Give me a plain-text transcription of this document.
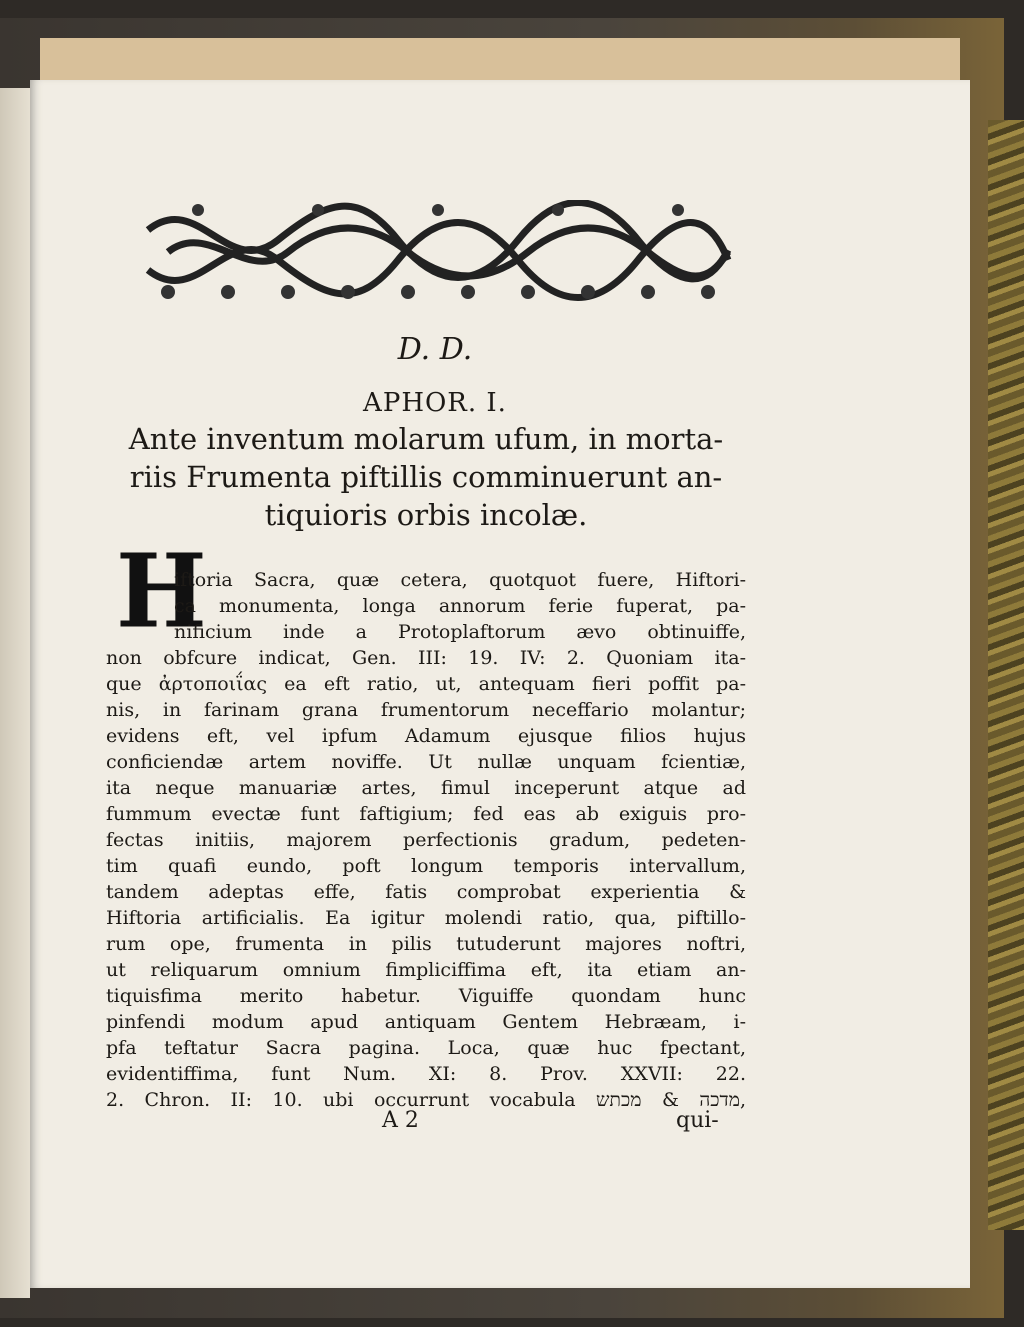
D. D.
APHOR. I.

Ante inventum molarum ufum, in morta-
riis Frumenta piftillis comminuerunt an-
tiquioris orbis incolæ.

H
iftoria Sacra, quæ cetera, quotquot fuere, Hiftori-
ca monumenta, longa annorum ferie fuperat, pa-
nificium inde a Protoplaftorum ævo obtinuiffe,
non obfcure indicat, Gen. III: 19. IV: 2. Quoniam ita-
que ἀρτοποιΐας ea eft ratio, ut, antequam fieri poffit pa-
nis, in farinam grana frumentorum neceffario molantur;
evidens eft, vel ipfum Adamum ejusque filios hujus
conficiendæ artem noviffe. Ut nullæ unquam fcientiæ,
ita neque manuariæ artes, fimul inceperunt atque ad
fummum evectæ funt faftigium; fed eas ab exiguis pro-
fectas initiis, majorem perfectionis gradum, pedeten-
tim quafi eundo, poft longum temporis intervallum,
tandem adeptas effe, fatis comprobat experientia &
Hiftoria artificialis. Ea igitur molendi ratio, qua, piftillo-
rum ope, frumenta in pilis tutuderunt majores noftri,
ut reliquarum omnium fimpliciffima eft, ita etiam an-
tiquisfima merito habetur. Viguiffe quondam hunc
pinfendi modum apud antiquam Gentem Hebræam, i-
pfa teftatur Sacra pagina. Loca, quæ huc fpectant,
evidentiffima, funt Num. XI: 8. Prov. XXVII: 22.
2. Chron. II: 10. ubi occurrunt vocabula מדכה & מכתש,
A 2	qui-
